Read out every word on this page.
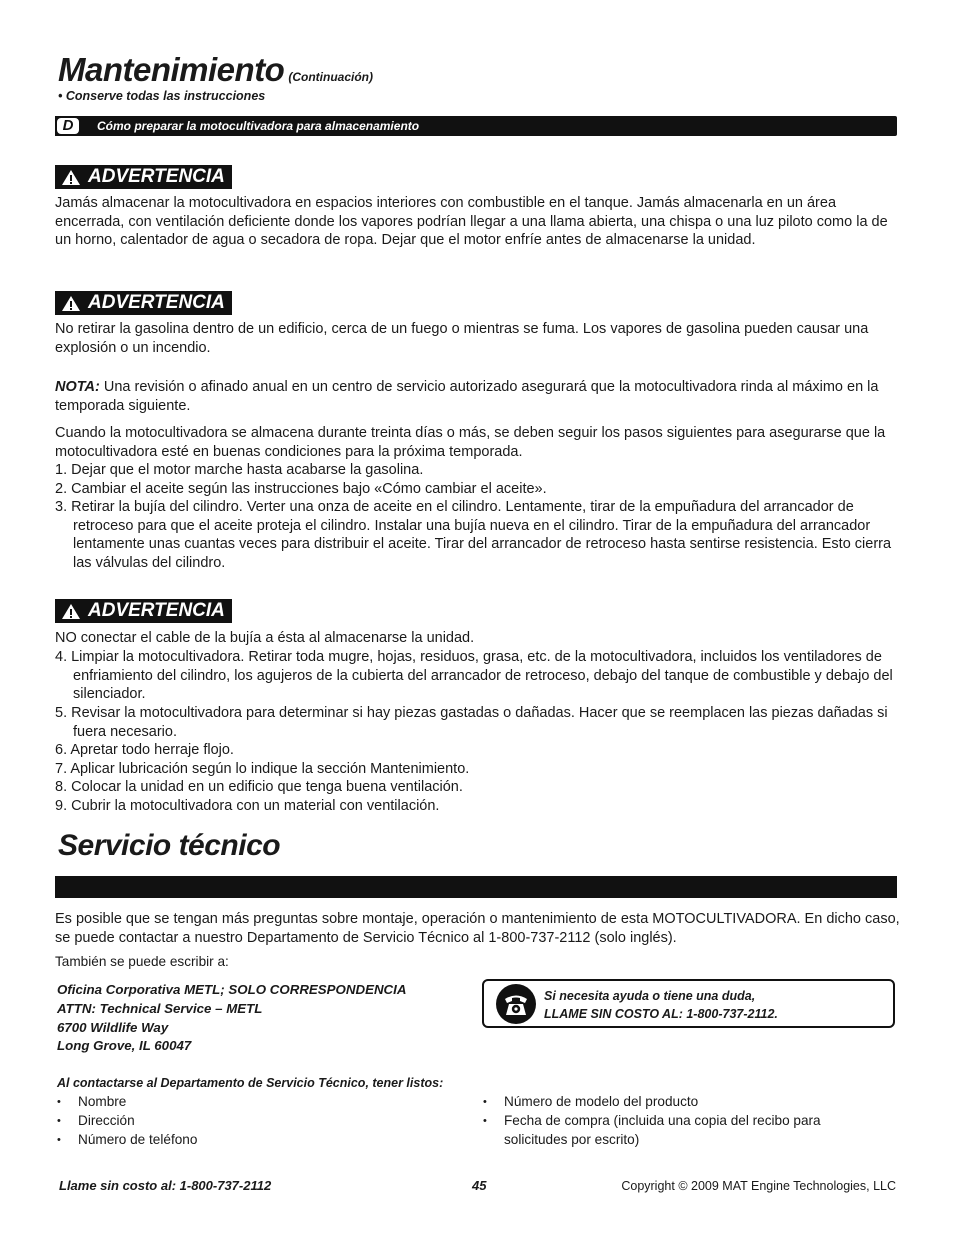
Mantenimiento (Continuación)
• Conserve todas las instrucciones
D	Cómo preparar la motocultivadora para almacenamiento
ADVERTENCIA
Jamás almacenar la motocultivadora en espacios interiores con combustible en el tanque. Jamás almacenarla en un área encerrada, con ventilación deficiente donde los vapores podrían llegar a una llama abierta, una chispa o una luz piloto como la de un horno, calentador de agua o secadora de ropa. Dejar que el motor enfríe antes de almacenarse la unidad.
ADVERTENCIA
No retirar la gasolina dentro de un edificio, cerca de un fuego o mientras se fuma. Los vapores de gasolina pueden causar una explosión o un incendio.
NOTA: Una revisión o afinado anual en un centro de servicio autorizado asegurará que la motocultivadora rinda al máximo en la temporada siguiente.
Cuando la motocultivadora se almacena durante treinta días o más, se deben seguir los pasos siguientes para asegurarse que la motocultivadora esté en buenas condiciones para la próxima temporada.
1. Dejar que el motor marche hasta acabarse la gasolina.
2. Cambiar el aceite según las instrucciones bajo «Cómo cambiar el aceite».
3. Retirar la bujía del cilindro. Verter una onza de aceite en el cilindro. Lentamente, tirar de la empuñadura del arrancador de retroceso para que el aceite proteja el cilindro. Instalar una bujía nueva en el cilindro. Tirar de la empuñadura del arrancador lentamente unas cuantas veces para distribuir el aceite. Tirar del arrancador de retroceso hasta sentirse resistencia. Esto cierra las válvulas del cilindro.
ADVERTENCIA
NO conectar el cable de la bujía a ésta al almacenarse la unidad.
4. Limpiar la motocultivadora. Retirar toda mugre, hojas, residuos, grasa, etc. de la motocultivadora, incluidos los ventiladores de enfriamiento del cilindro, los agujeros de la cubierta del arrancador de retroceso, debajo del tanque de combustible y debajo del silenciador.
5. Revisar la motocultivadora para determinar si hay piezas gastadas o dañadas. Hacer que se reemplacen las piezas dañadas si fuera necesario.
6. Apretar todo herraje flojo.
7. Aplicar lubricación según lo indique la sección Mantenimiento.
8. Colocar la unidad en un edificio que tenga buena ventilación.
9. Cubrir la motocultivadora con un material con ventilación.
Servicio técnico
Es posible que se tengan más preguntas sobre montaje, operación o mantenimiento de esta MOTOCULTIVADORA. En dicho caso, se puede contactar a nuestro Departamento de Servicio Técnico al 1-800-737-2112 (solo inglés).
También se puede escribir a:
Oficina Corporativa METL; SOLO CORRESPONDENCIA
ATTN: Technical Service – METL
6700 Wildlife Way
Long Grove, IL 60047
Si necesita ayuda o tiene una duda,
LLAME SIN COSTO AL: 1-800-737-2112.
Al contactarse al Departamento de Servicio Técnico, tener listos:
• Nombre
• Dirección
• Número de teléfono
• Número de modelo del producto
• Fecha de compra (incluida una copia del recibo para solicitudes por escrito)
Llame sin costo al: 1-800-737-2112	45	Copyright © 2009 MAT Engine Technologies, LLC
